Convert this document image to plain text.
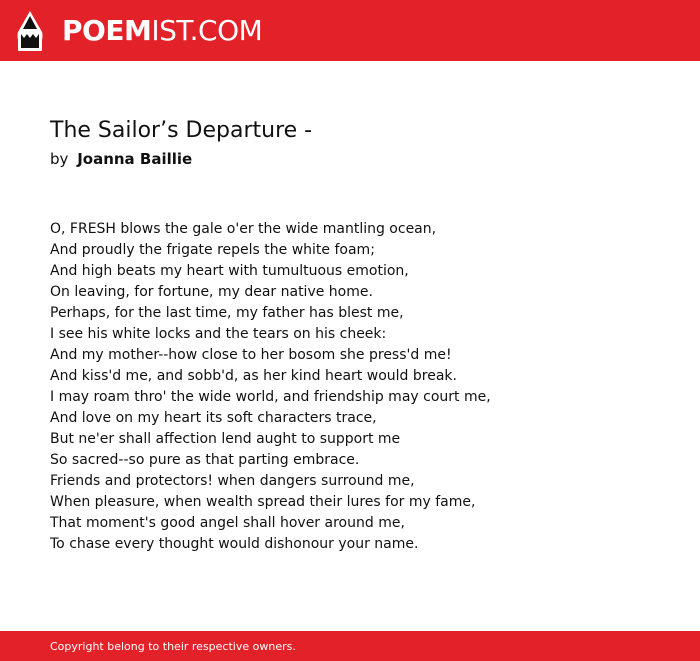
POEMIST.COM
The Sailor’s Departure -
by Joanna Baillie
O, FRESH blows the gale o'er the wide mantling ocean,
And proudly the frigate repels the white foam;
And high beats my heart with tumultuous emotion,
On leaving, for fortune, my dear native home.
Perhaps, for the last time, my father has blest me,
I see his white locks and the tears on his cheek:
And my mother--how close to her bosom she press'd me!
And kiss'd me, and sobb'd, as her kind heart would break.
I may roam thro' the wide world, and friendship may court me,
And love on my heart its soft characters trace,
But ne'er shall affection lend aught to support me
So sacred--so pure as that parting embrace.
Friends and protectors! when dangers surround me,
When pleasure, when wealth spread their lures for my fame,
That moment's good angel shall hover around me,
To chase every thought would dishonour your name.
Copyright belong to their respective owners.
